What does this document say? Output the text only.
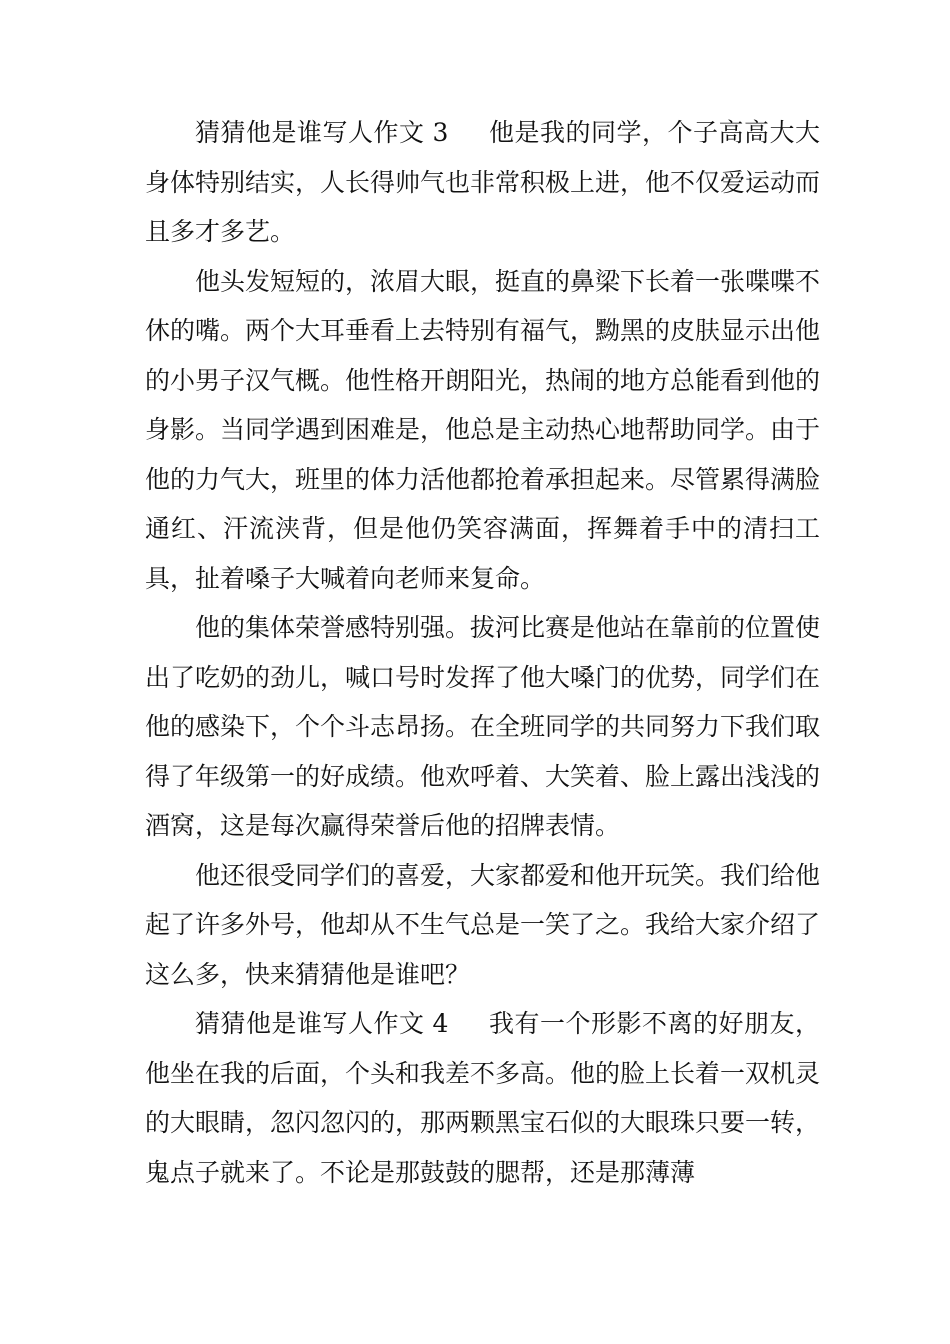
猜猜他是谁写人作文 3 他是我的同学，个子高高大大身体特别结实，人长得帅气也非常积极上进，他不仅爱运动而且多才多艺。

他头发短短的，浓眉大眼，挺直的鼻梁下长着一张喋喋不休的嘴。两个大耳垂看上去特别有福气，黝黑的皮肤显示出他的小男子汉气概。他性格开朗阳光，热闹的地方总能看到他的身影。当同学遇到困难是，他总是主动热心地帮助同学。由于他的力气大，班里的体力活他都抢着承担起来。尽管累得满脸通红、汗流浃背，但是他仍笑容满面，挥舞着手中的清扫工具，扯着嗓子大喊着向老师来复命。

他的集体荣誉感特别强。拔河比赛是他站在靠前的位置使出了吃奶的劲儿，喊口号时发挥了他大嗓门的优势，同学们在他的感染下，个个斗志昂扬。在全班同学的共同努力下我们取得了年级第一的好成绩。他欢呼着、大笑着、脸上露出浅浅的酒窝，这是每次赢得荣誉后他的招牌表情。

他还很受同学们的喜爱，大家都爱和他开玩笑。我们给他起了许多外号，他却从不生气总是一笑了之。我给大家介绍了这么多，快来猜猜他是谁吧？

猜猜他是谁写人作文 4 我有一个形影不离的好朋友，他坐在我的后面，个头和我差不多高。他的脸上长着一双机灵的大眼睛，忽闪忽闪的，那两颗黑宝石似的大眼珠只要一转，鬼点子就来了。不论是那鼓鼓的腮帮，还是那薄薄
